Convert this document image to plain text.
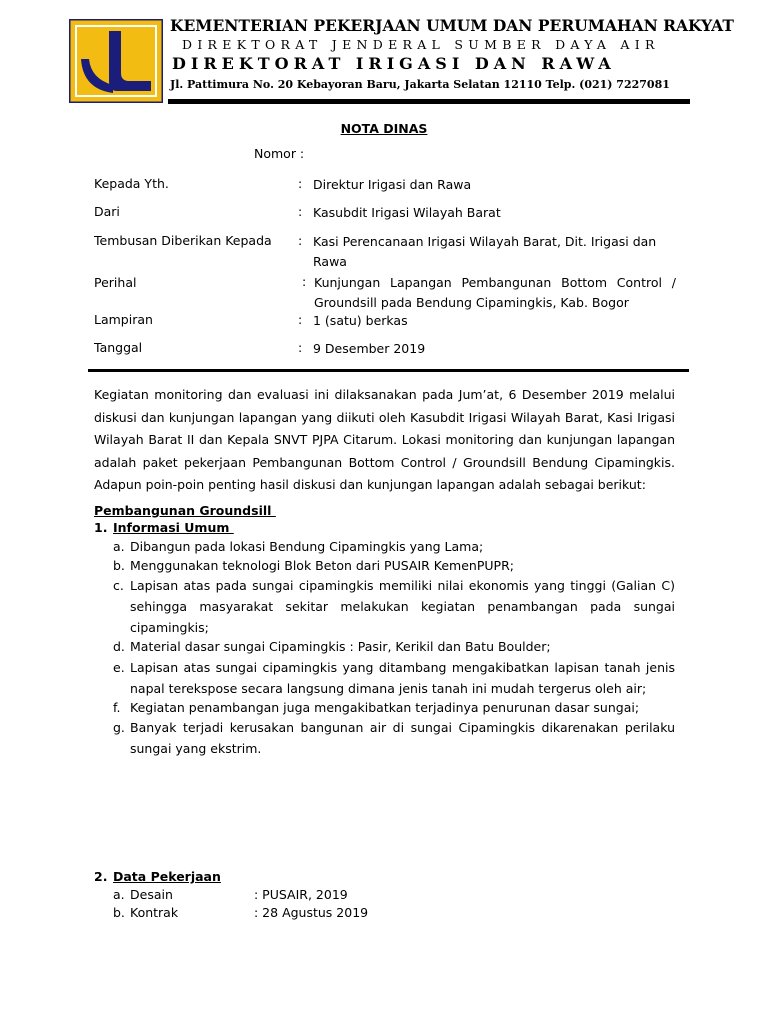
KEMENTERIAN PEKERJAAN UMUM DAN PERUMAHAN RAKYAT
DIREKTORAT JENDERAL SUMBER DAYA AIR
DIREKTORAT IRIGASI DAN RAWA
Jl. Pattimura No. 20 Kebayoran Baru, Jakarta Selatan 12110 Telp. (021) 7227081
NOTA DINAS
Nomor :
Kepada Yth.	: Direktur Irigasi dan Rawa
Dari	: Kasubdit Irigasi Wilayah Barat
Tembusan Diberikan Kepada : Kasi Perencanaan Irigasi Wilayah Barat, Dit. Irigasi dan Rawa
Perihal	: Kunjungan Lapangan Pembangunan Bottom Control / Groundsill pada Bendung Cipamingkis, Kab. Bogor
Lampiran	: 1 (satu) berkas
Tanggal	: 9 Desember 2019
Kegiatan monitoring dan evaluasi ini dilaksanakan pada Jum’at, 6 Desember 2019 melalui diskusi dan kunjungan lapangan yang diikuti oleh Kasubdit Irigasi Wilayah Barat, Kasi Irigasi Wilayah Barat II dan Kepala SNVT PJPA Citarum. Lokasi monitoring dan kunjungan lapangan adalah paket pekerjaan Pembangunan Bottom Control / Groundsill Bendung Cipamingkis. Adapun poin-poin penting hasil diskusi dan kunjungan lapangan adalah sebagai berikut:
Pembangunan Groundsill
1. Informasi Umum
a. Dibangun pada lokasi Bendung Cipamingkis yang Lama;
b. Menggunakan teknologi Blok Beton dari PUSAIR KemenPUPR;
c. Lapisan atas pada sungai cipamingkis memiliki nilai ekonomis yang tinggi (Galian C) sehingga masyarakat sekitar melakukan kegiatan penambangan pada sungai cipamingkis;
d. Material dasar sungai Cipamingkis : Pasir, Kerikil dan Batu Boulder;
e. Lapisan atas sungai cipamingkis yang ditambang mengakibatkan lapisan tanah jenis napal terekspose secara langsung dimana jenis tanah ini mudah tergerus oleh air;
f. Kegiatan penambangan juga mengakibatkan terjadinya penurunan dasar sungai;
g. Banyak terjadi kerusakan bangunan air di sungai Cipamingkis dikarenakan perilaku sungai yang ekstrim.
2. Data Pekerjaan
a. Desain	: PUSAIR, 2019
b. Kontrak	: 28 Agustus 2019
